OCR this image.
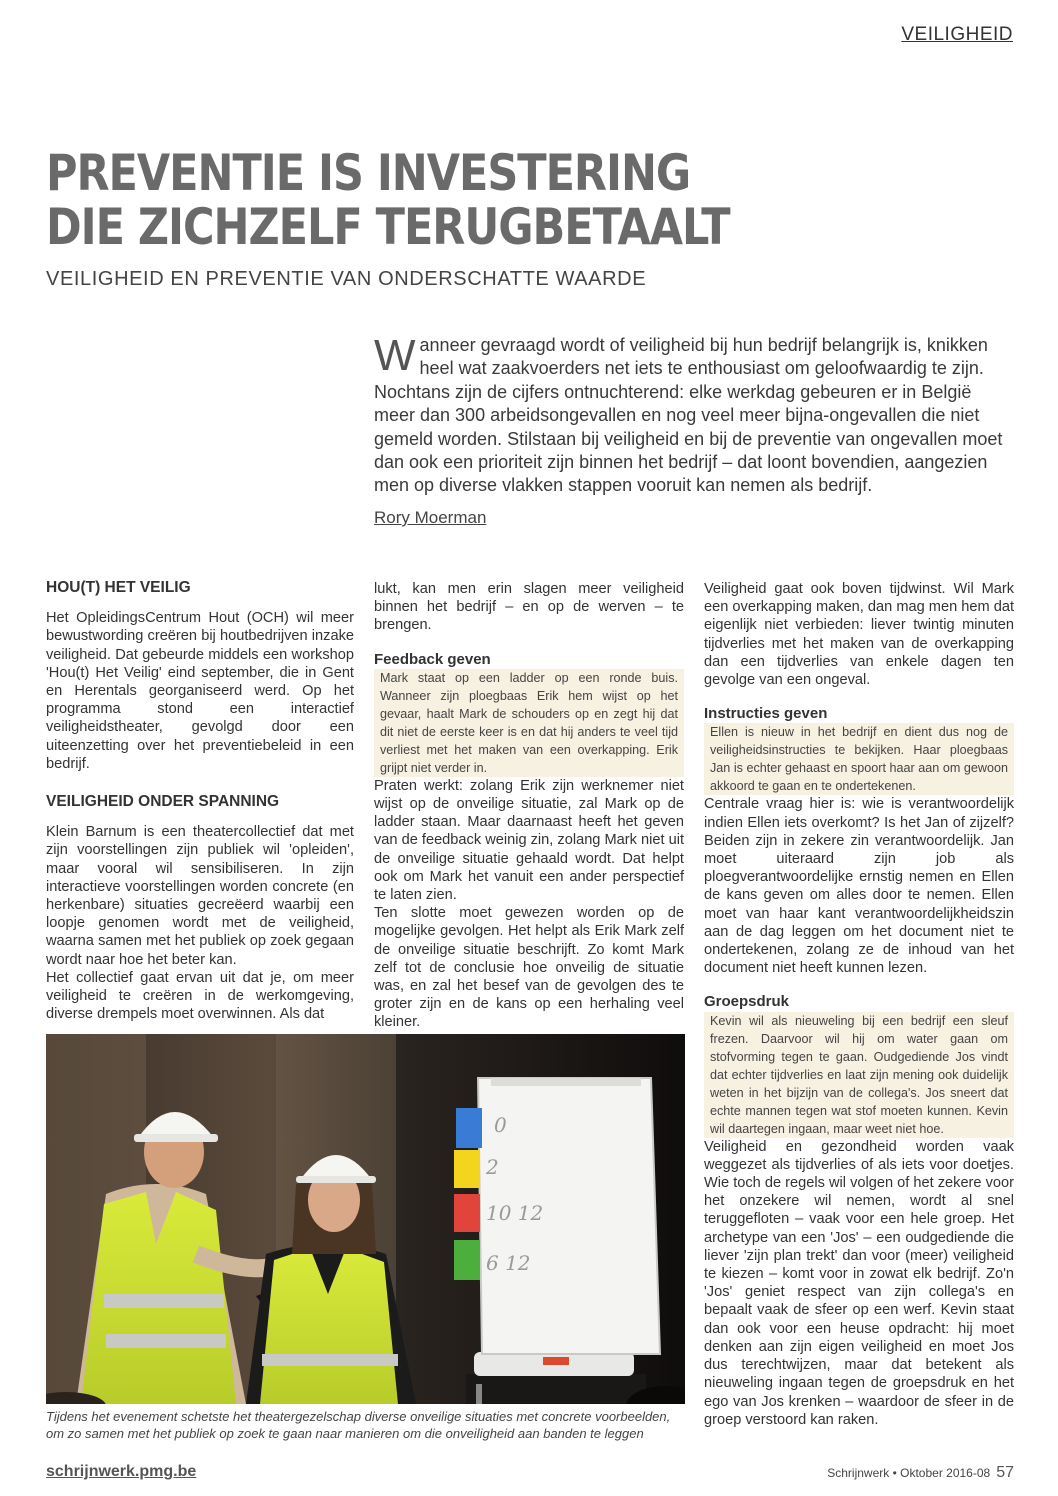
VEILIGHEID
PREVENTIE IS INVESTERING
DIE ZICHZELF TERUGBETAALT
VEILIGHEID EN PREVENTIE VAN ONDERSCHATTE WAARDE
Wanneer gevraagd wordt of veiligheid bij hun bedrijf belangrijk is, knikken heel wat zaakvoerders net iets te enthousiast om geloofwaardig te zijn. Nochtans zijn de cijfers ontnuchterend: elke werkdag gebeuren er in België meer dan 300 arbeidsongevallen en nog veel meer bijna-ongevallen die niet gemeld worden. Stilstaan bij veiligheid en bij de preventie van ongevallen moet dan ook een prioriteit zijn binnen het bedrijf – dat loont bovendien, aangezien men op diverse vlakken stappen vooruit kan nemen als bedrijf.
Rory Moerman
HOU(T) HET VEILIG

Het OpleidingsCentrum Hout (OCH) wil meer bewustwording creëren bij houtbedrijven inzake veiligheid. Dat gebeurde middels een workshop 'Hou(t) Het Veilig' eind september, die in Gent en Herentals georganiseerd werd. Op het programma stond een interactief veiligheidstheater, gevolgd door een uiteenzetting over het preventiebeleid in een bedrijf.

VEILIGHEID ONDER SPANNING

Klein Barnum is een theatercollectief dat met zijn voorstellingen zijn publiek wil 'opleiden', maar vooral wil sensibiliseren. In zijn interactieve voorstellingen worden concrete (en herkenbare) situaties gecreëerd waarbij een loopje genomen wordt met de veiligheid, waarna samen met het publiek op zoek gegaan wordt naar hoe het beter kan.

Het collectief gaat ervan uit dat je, om meer veiligheid te creëren in de werkomgeving, diverse drempels moet overwinnen. Als dat

lukt, kan men erin slagen meer veiligheid binnen het bedrijf – en op de werven – te brengen.

Feedback geven
Mark staat op een ladder op een ronde buis. Wanneer zijn ploegbaas Erik hem wijst op het gevaar, haalt Mark de schouders op en zegt hij dat dit niet de eerste keer is en dat hij anders te veel tijd verliest met het maken van een overkapping. Erik grijpt niet verder in.

Praten werkt: zolang Erik zijn werknemer niet wijst op de onveilige situatie, zal Mark op de ladder staan. Maar daarnaast heeft het geven van de feedback weinig zin, zolang Mark niet uit de onveilige situatie gehaald wordt. Dat helpt ook om Mark het vanuit een ander perspectief te laten zien.

Ten slotte moet gewezen worden op de mogelijke gevolgen. Het helpt als Erik Mark zelf de onveilige situatie beschrijft. Zo komt Mark zelf tot de conclusie hoe onveilig de situatie was, en zal het besef van de gevolgen des te groter zijn en de kans op een herhaling veel kleiner.

Veiligheid gaat ook boven tijdwinst. Wil Mark een overkapping maken, dan mag men hem dat eigenlijk niet verbieden: liever twintig minuten tijdverlies met het maken van de overkapping dan een tijdverlies van enkele dagen ten gevolge van een ongeval.

Instructies geven
Ellen is nieuw in het bedrijf en dient dus nog de veiligheidsinstructies te bekijken. Haar ploegbaas Jan is echter gehaast en spoort haar aan om gewoon akkoord te gaan en te ondertekenen.

Centrale vraag hier is: wie is verantwoordelijk indien Ellen iets overkomt? Is het Jan of zijzelf? Beiden zijn in zekere zin verantwoordelijk. Jan moet uiteraard zijn job als ploegverantwoordelijke ernstig nemen en Ellen de kans geven om alles door te nemen. Ellen moet van haar kant verantwoordelijkheidszin aan de dag leggen om het document niet te ondertekenen, zolang ze de inhoud van het document niet heeft kunnen lezen.

Groepsdruk
Kevin wil als nieuweling bij een bedrijf een sleuf frezen. Daarvoor wil hij om water gaan om stofvorming tegen te gaan. Oudgediende Jos vindt dat echter tijdverlies en laat zijn mening ook duidelijk weten in het bijzijn van de collega's. Jos sneert dat echte mannen tegen wat stof moeten kunnen. Kevin wil daartegen ingaan, maar weet niet hoe.

Veiligheid en gezondheid worden vaak weggezet als tijdverlies of als iets voor doetjes. Wie toch de regels wil volgen of het zekere voor het onzekere wil nemen, wordt al snel teruggefloten – vaak voor een hele groep. Het archetype van een 'Jos' – een oudgediende die liever 'zijn plan trekt' dan voor (meer) veiligheid te kiezen – komt voor in zowat elk bedrijf. Zo'n 'Jos' geniet respect van zijn collega's en bepaalt vaak de sfeer op een werf. Kevin staat dan ook voor een heuse opdracht: hij moet denken aan zijn eigen veiligheid en moet Jos dus terechtwijzen, maar dat betekent als nieuweling ingaan tegen de groepsdruk en het ego van Jos krenken – waardoor de sfeer in de groep verstoord kan raken.

0
2
10 12
6 12
Tijdens het evenement schetste het theatergezelschap diverse onveilige situaties met concrete voorbeelden, om zo samen met het publiek op zoek te gaan naar manieren om die onveiligheid aan banden te leggen
schrijnwerk.pmg.be	Schrijnwerk • Oktober 2016-08 57
